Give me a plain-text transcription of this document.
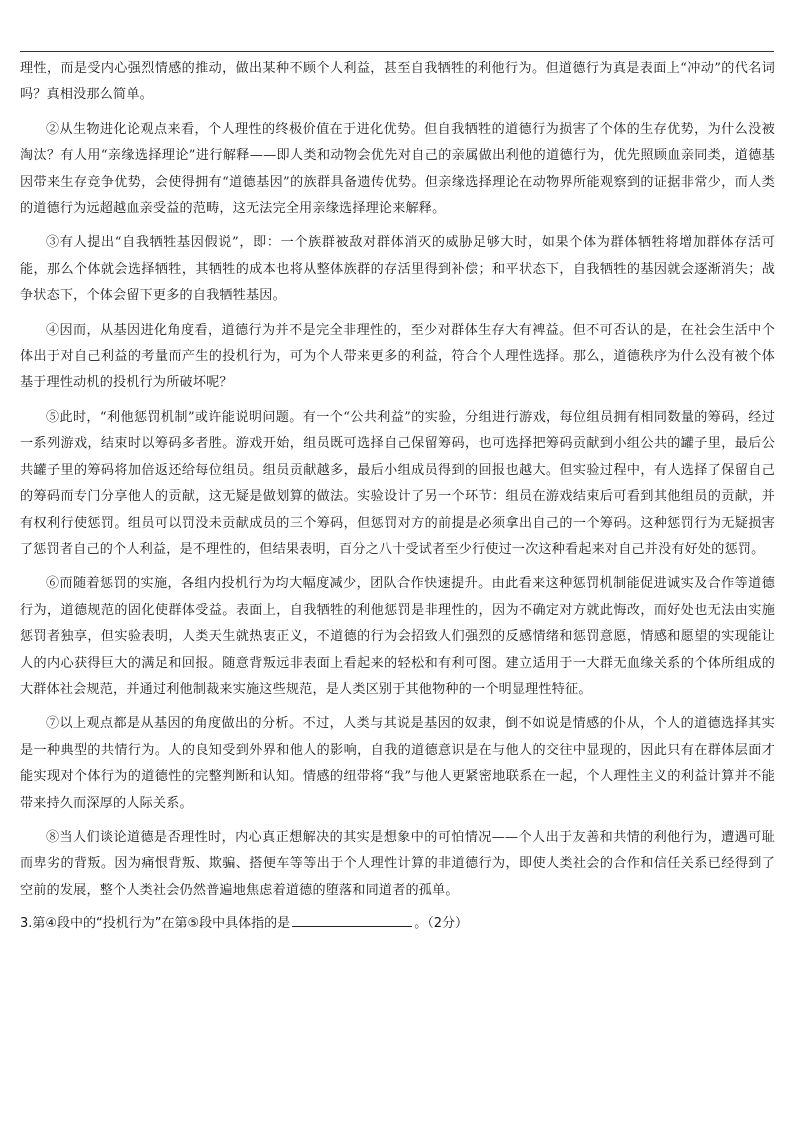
理性，而是受内心强烈情感的推动，做出某种不顾个人利益，甚至自我牺牲的利他行为。但道德行为真是表面上“冲动”的代名词吗？真相没那么简单。

②从生物进化论观点来看，个人理性的终极价值在于进化优势。但自我牺牲的道德行为损害了个体的生存优势，为什么没被淘汰？有人用“亲缘选择理论”进行解释——即人类和动物会优先对自己的亲属做出利他的道德行为，优先照顾血亲同类，道德基因带来生存竞争优势，会使得拥有“道德基因”的族群具备遗传优势。但亲缘选择理论在动物界所能观察到的证据非常少，而人类的道德行为远超越血亲受益的范畴，这无法完全用亲缘选择理论来解释。

③有人提出“自我牺牲基因假说”，即：一个族群被敌对群体消灭的威胁足够大时，如果个体为群体牺牲将增加群体存活可能，那么个体就会选择牺牲，其牺牲的成本也将从整体族群的存活里得到补偿；和平状态下，自我牺牲的基因就会逐渐消失；战争状态下，个体会留下更多的自我牺牲基因。

④因而，从基因进化角度看，道德行为并不是完全非理性的，至少对群体生存大有裨益。但不可否认的是，在社会生活中个体出于对自己利益的考量而产生的投机行为，可为个人带来更多的利益，符合个人理性选择。那么，道德秩序为什么没有被个体基于理性动机的投机行为所破坏呢？

⑤此时，“利他惩罚机制”或许能说明问题。有一个“公共利益”的实验，分组进行游戏，每位组员拥有相同数量的筹码，经过一系列游戏，结束时以筹码多者胜。游戏开始，组员既可选择自己保留筹码，也可选择把筹码贡献到小组公共的罐子里，最后公共罐子里的筹码将加倍返还给每位组员。组员贡献越多，最后小组成员得到的回报也越大。但实验过程中，有人选择了保留自己的筹码而专门分享他人的贡献，这无疑是做划算的做法。实验设计了另一个环节：组员在游戏结束后可看到其他组员的贡献，并有权利行使惩罚。组员可以罚没未贡献成员的三个筹码，但惩罚对方的前提是必须拿出自己的一个筹码。这种惩罚行为无疑损害了惩罚者自己的个人利益，是不理性的，但结果表明，百分之八十受试者至少行使过一次这种看起来对自己并没有好处的惩罚。

⑥而随着惩罚的实施，各组内投机行为均大幅度减少，团队合作快速提升。由此看来这种惩罚机制能促进诚实及合作等道德行为，道德规范的固化使群体受益。表面上，自我牺牲的利他惩罚是非理性的，因为不确定对方就此悔改，而好处也无法由实施惩罚者独享，但实验表明，人类天生就热衷正义，不道德的行为会招致人们强烈的反感情绪和惩罚意愿，情感和愿望的实现能让人的内心获得巨大的满足和回报。随意背叛远非表面上看起来的轻松和有利可图。建立适用于一大群无血缘关系的个体所组成的大群体社会规范，并通过利他制裁来实施这些规范，是人类区别于其他物种的一个明显理性特征。

⑦以上观点都是从基因的角度做出的分析。不过，人类与其说是基因的奴隶，倒不如说是情感的仆从，个人的道德选择其实是一种典型的共情行为。人的良知受到外界和他人的影响，自我的道德意识是在与他人的交往中显现的，因此只有在群体层面才能实现对个体行为的道德性的完整判断和认知。情感的纽带将“我”与他人更紧密地联系在一起，个人理性主义的利益计算并不能带来持久而深厚的人际关系。

⑧当人们谈论道德是否理性时，内心真正想解决的其实是想象中的可怕情况——个人出于友善和共情的利他行为，遭遇可耻而卑劣的背叛。因为痛恨背叛、欺骗、搭便车等等出于个人理性计算的非道德行为，即使人类社会的合作和信任关系已经得到了空前的发展，整个人类社会仍然普遍地焦虑着道德的堕落和同道者的孤单。

3.第④段中的“投机行为”在第⑤段中具体指的是	。（2分）
